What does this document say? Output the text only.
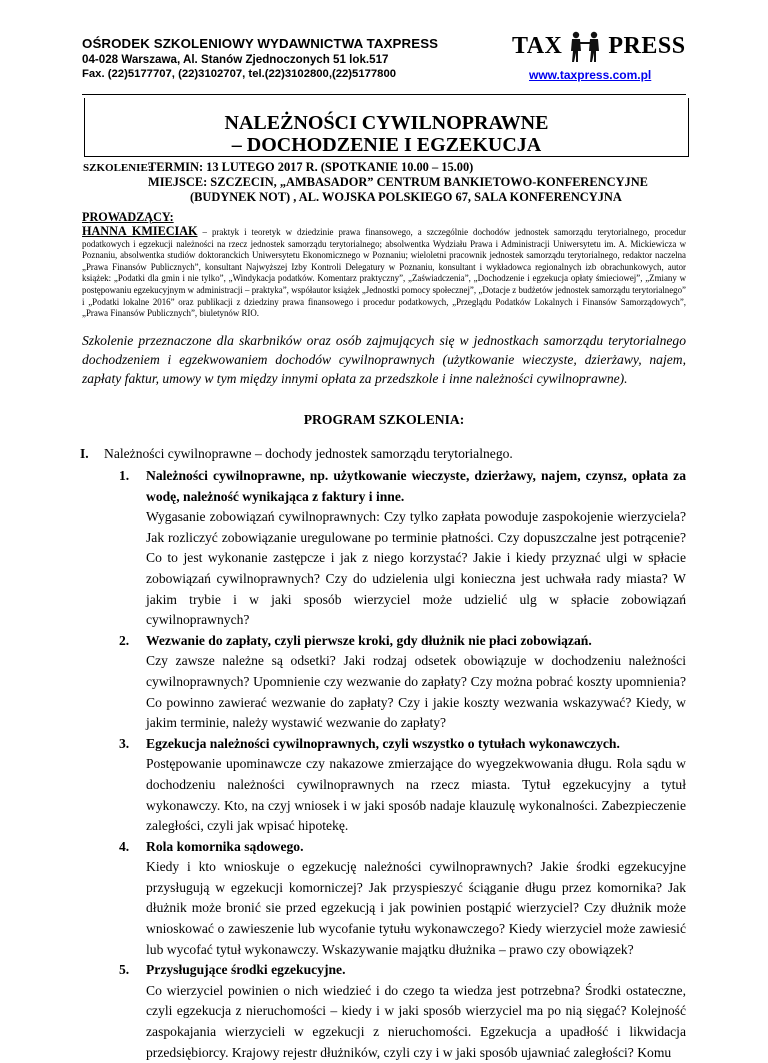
OŚRODEK SZKOLENIOWY WYDAWNICTWA TAXPRESS
04-028 Warszawa, Al. Stanów Zjednoczonych 51 lok.517
Fax. (22)5177707, (22)3102707, tel.(22)3102800,(22)5177800
TAX PRESS
www.taxpress.com.pl
NALEŻNOŚCI CYWILNOPRAWNE
– DOCHODZENIE I EGZEKUCJA
SZKOLENIE:
TERMIN: 13 LUTEGO 2017 R. (SPOTKANIE 10.00 – 15.00)
MIEJSCE: SZCZECIN, „AMBASADOR” CENTRUM BANKIETOWO-KONFERENCYJNE
(BUDYNEK NOT) , AL. WOJSKA POLSKIEGO 67, SALA KONFERENCYJNA
PROWADZĄCY:
HANNA KMIECIAK – praktyk i teoretyk w dziedzinie prawa finansowego, a szczególnie dochodów jednostek samorządu terytorialnego, procedur podatkowych i egzekucji należności na rzecz jednostek samorządu terytorialnego; absolwentka Wydziału Prawa i Administracji Uniwersytetu im. A. Mickiewicza w Poznaniu, absolwentka studiów doktoranckich Uniwersytetu Ekonomicznego w Poznaniu; wieloletni pracownik jednostek samorządu terytorialnego, redaktor naczelna „Prawa Finansów Publicznych”, konsultant Najwyższej Izby Kontroli Delegatury w Poznaniu, konsultant i wykładowca regionalnych izb obrachunkowych, autor książek: „Podatki dla gmin i nie tylko”, „Windykacja podatków. Komentarz praktyczny”, „Zaświadczenia”, „Dochodzenie i egzekucja opłaty śmieciowej”, „Zmiany w postępowaniu egzekucyjnym w administracji – praktyka”, współautor książek „Jednostki pomocy społecznej”, „Dotacje z budżetów jednostek samorządu terytorialnego” i „Podatki lokalne 2016” oraz publikacji z dziedziny prawa finansowego i procedur podatkowych, „Przeglądu Podatków Lokalnych i Finansów Samorządowych”, „Prawa Finansów Publicznych”, biuletynów RIO.
Szkolenie przeznaczone dla skarbników oraz osób zajmujących się w jednostkach samorządu terytorialnego dochodzeniem i egzekwowaniem dochodów cywilnoprawnych (użytkowanie wieczyste, dzierżawy, najem, zapłaty faktur, umowy w tym między innymi opłata za przedszkole i inne należności cywilnoprawne).
PROGRAM SZKOLENIA:
I. Należności cywilnoprawne – dochody jednostek samorządu terytorialnego.
1. Należności cywilnoprawne, np. użytkowanie wieczyste, dzierżawy, najem, czynsz, opłata za wodę, należność wynikająca z faktury i inne.
Wygasanie zobowiązań cywilnoprawnych: Czy tylko zapłata powoduje zaspokojenie wierzyciela? Jak rozliczyć zobowiązanie uregulowane po terminie płatności. Czy dopuszczalne jest potrącenie? Co to jest wykonanie zastępcze i jak z niego korzystać? Jakie i kiedy przyznać ulgi w spłacie zobowiązań cywilnoprawnych? Czy do udzielenia ulgi konieczna jest uchwała rady miasta? W jakim trybie i w jaki sposób wierzyciel może udzielić ulg w spłacie zobowiązań cywilnoprawnych?
2. Wezwanie do zapłaty, czyli pierwsze kroki, gdy dłużnik nie płaci zobowiązań.
Czy zawsze należne są odsetki? Jaki rodzaj odsetek obowiązuje w dochodzeniu należności cywilnoprawnych? Upomnienie czy wezwanie do zapłaty? Czy można pobrać koszty upomnienia? Co powinno zawierać wezwanie do zapłaty? Czy i jakie koszty wezwania wskazywać? Kiedy, w jakim terminie, należy wystawić wezwanie do zapłaty?
3. Egzekucja należności cywilnoprawnych, czyli wszystko o tytułach wykonawczych.
Postępowanie upominawcze czy nakazowe zmierzające do wyegzekwowania długu. Rola sądu w dochodzeniu należności cywilnoprawnych na rzecz miasta. Tytuł egzekucyjny a tytuł wykonawczy. Kto, na czyj wniosek i w jaki sposób nadaje klauzulę wykonalności. Zabezpieczenie zaległości, czyli jak wpisać hipotekę.
4. Rola komornika sądowego.
Kiedy i kto wnioskuje o egzekucję należności cywilnoprawnych? Jakie środki egzekucyjne przysługują w egzekucji komorniczej? Jak przyspieszyć ściąganie długu przez komornika? Jak dłużnik może bronić sie przed egzekucją i jak powinien postąpić wierzyciel? Czy dłużnik może wnioskować o zawieszenie lub wycofanie tytułu wykonawczego? Kiedy wierzyciel może zawiesić lub wycofać tytuł wykonawczy. Wskazywanie majątku dłużnika – prawo czy obowiązek?
5. Przysługujące środki egzekucyjne.
Co wierzyciel powinien o nich wiedzieć i do czego ta wiedza jest potrzebna? Środki ostateczne, czyli egzekucja z nieruchomości – kiedy i w jaki sposób wierzyciel ma po nią sięgać? Kolejność zaspokajania wierzycieli w egzekucji z nieruchomości. Egzekucja a upadłość i likwidacja przedsiębiorcy. Krajowy rejestr dłużników, czyli czy i w jaki sposób ujawniać zaległości? Komu
